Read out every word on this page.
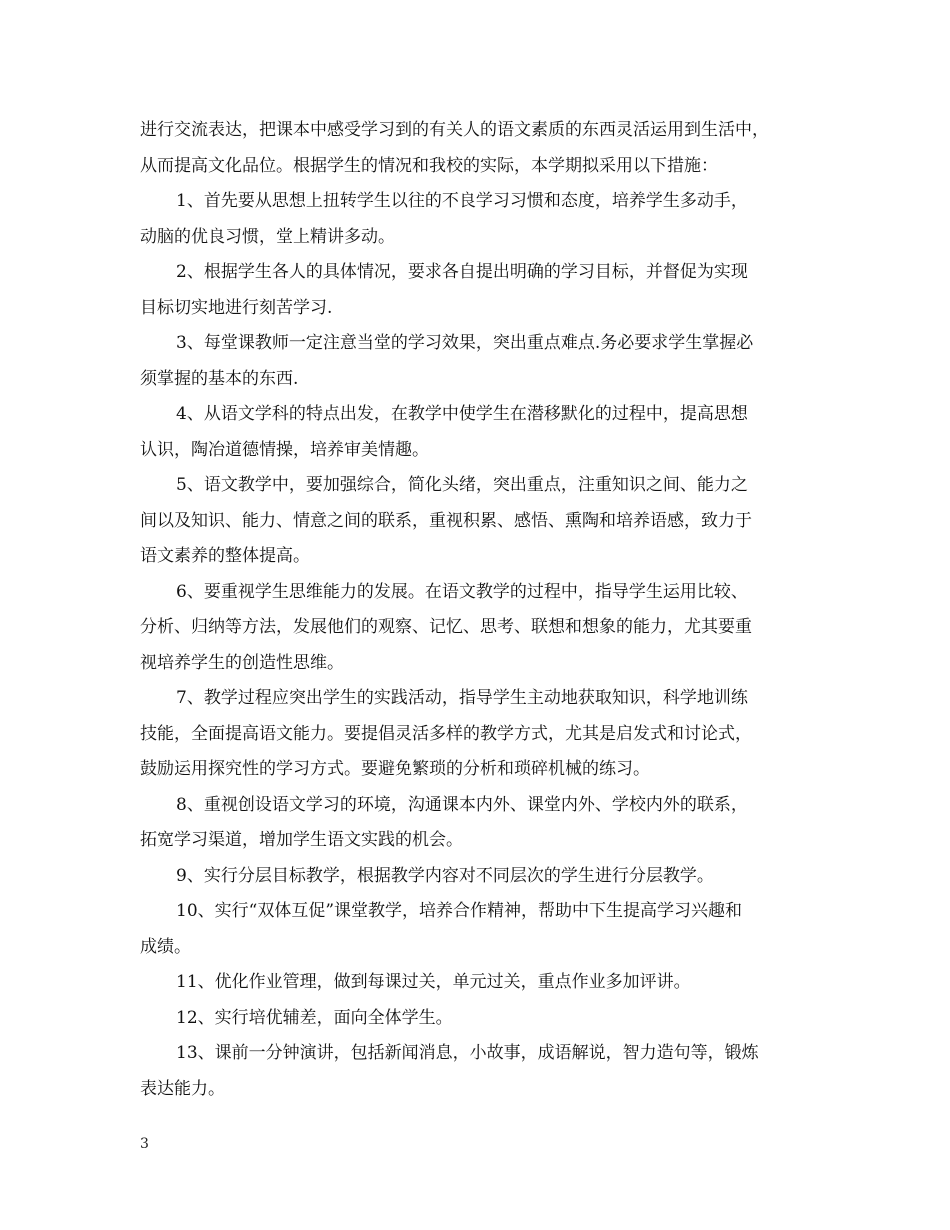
进行交流表达，把课本中感受学习到的有关人的语文素质的东西灵活运用到生活中，
从而提高文化品位。根据学生的情况和我校的实际，本学期拟采用以下措施：
1、首先要从思想上扭转学生以往的不良学习习惯和态度，培养学生多动手，
动脑的优良习惯，堂上精讲多动。
2、根据学生各人的具体情况，要求各自提出明确的学习目标，并督促为实现
目标切实地进行刻苦学习.
3、每堂课教师一定注意当堂的学习效果，突出重点难点.务必要求学生掌握必
须掌握的基本的东西.
4、从语文学科的特点出发，在教学中使学生在潜移默化的过程中，提高思想
认识，陶冶道德情操，培养审美情趣。
5、语文教学中，要加强综合，简化头绪，突出重点，注重知识之间、能力之
间以及知识、能力、情意之间的联系，重视积累、感悟、熏陶和培养语感，致力于
语文素养的整体提高。
6、要重视学生思维能力的发展。在语文教学的过程中，指导学生运用比较、
分析、归纳等方法，发展他们的观察、记忆、思考、联想和想象的能力，尤其要重
视培养学生的创造性思维。
7、教学过程应突出学生的实践活动，指导学生主动地获取知识，科学地训练
技能，全面提高语文能力。要提倡灵活多样的教学方式，尤其是启发式和讨论式，
鼓励运用探究性的学习方式。要避免繁琐的分析和琐碎机械的练习。
8、重视创设语文学习的环境，沟通课本内外、课堂内外、学校内外的联系，
拓宽学习渠道，增加学生语文实践的机会。
9、实行分层目标教学，根据教学内容对不同层次的学生进行分层教学。
10、实行“双体互促”课堂教学，培养合作精神，帮助中下生提高学习兴趣和
成绩。
11、优化作业管理，做到每课过关，单元过关，重点作业多加评讲。
12、实行培优辅差，面向全体学生。
13、课前一分钟演讲，包括新闻消息，小故事，成语解说，智力造句等，锻炼
表达能力。
3
